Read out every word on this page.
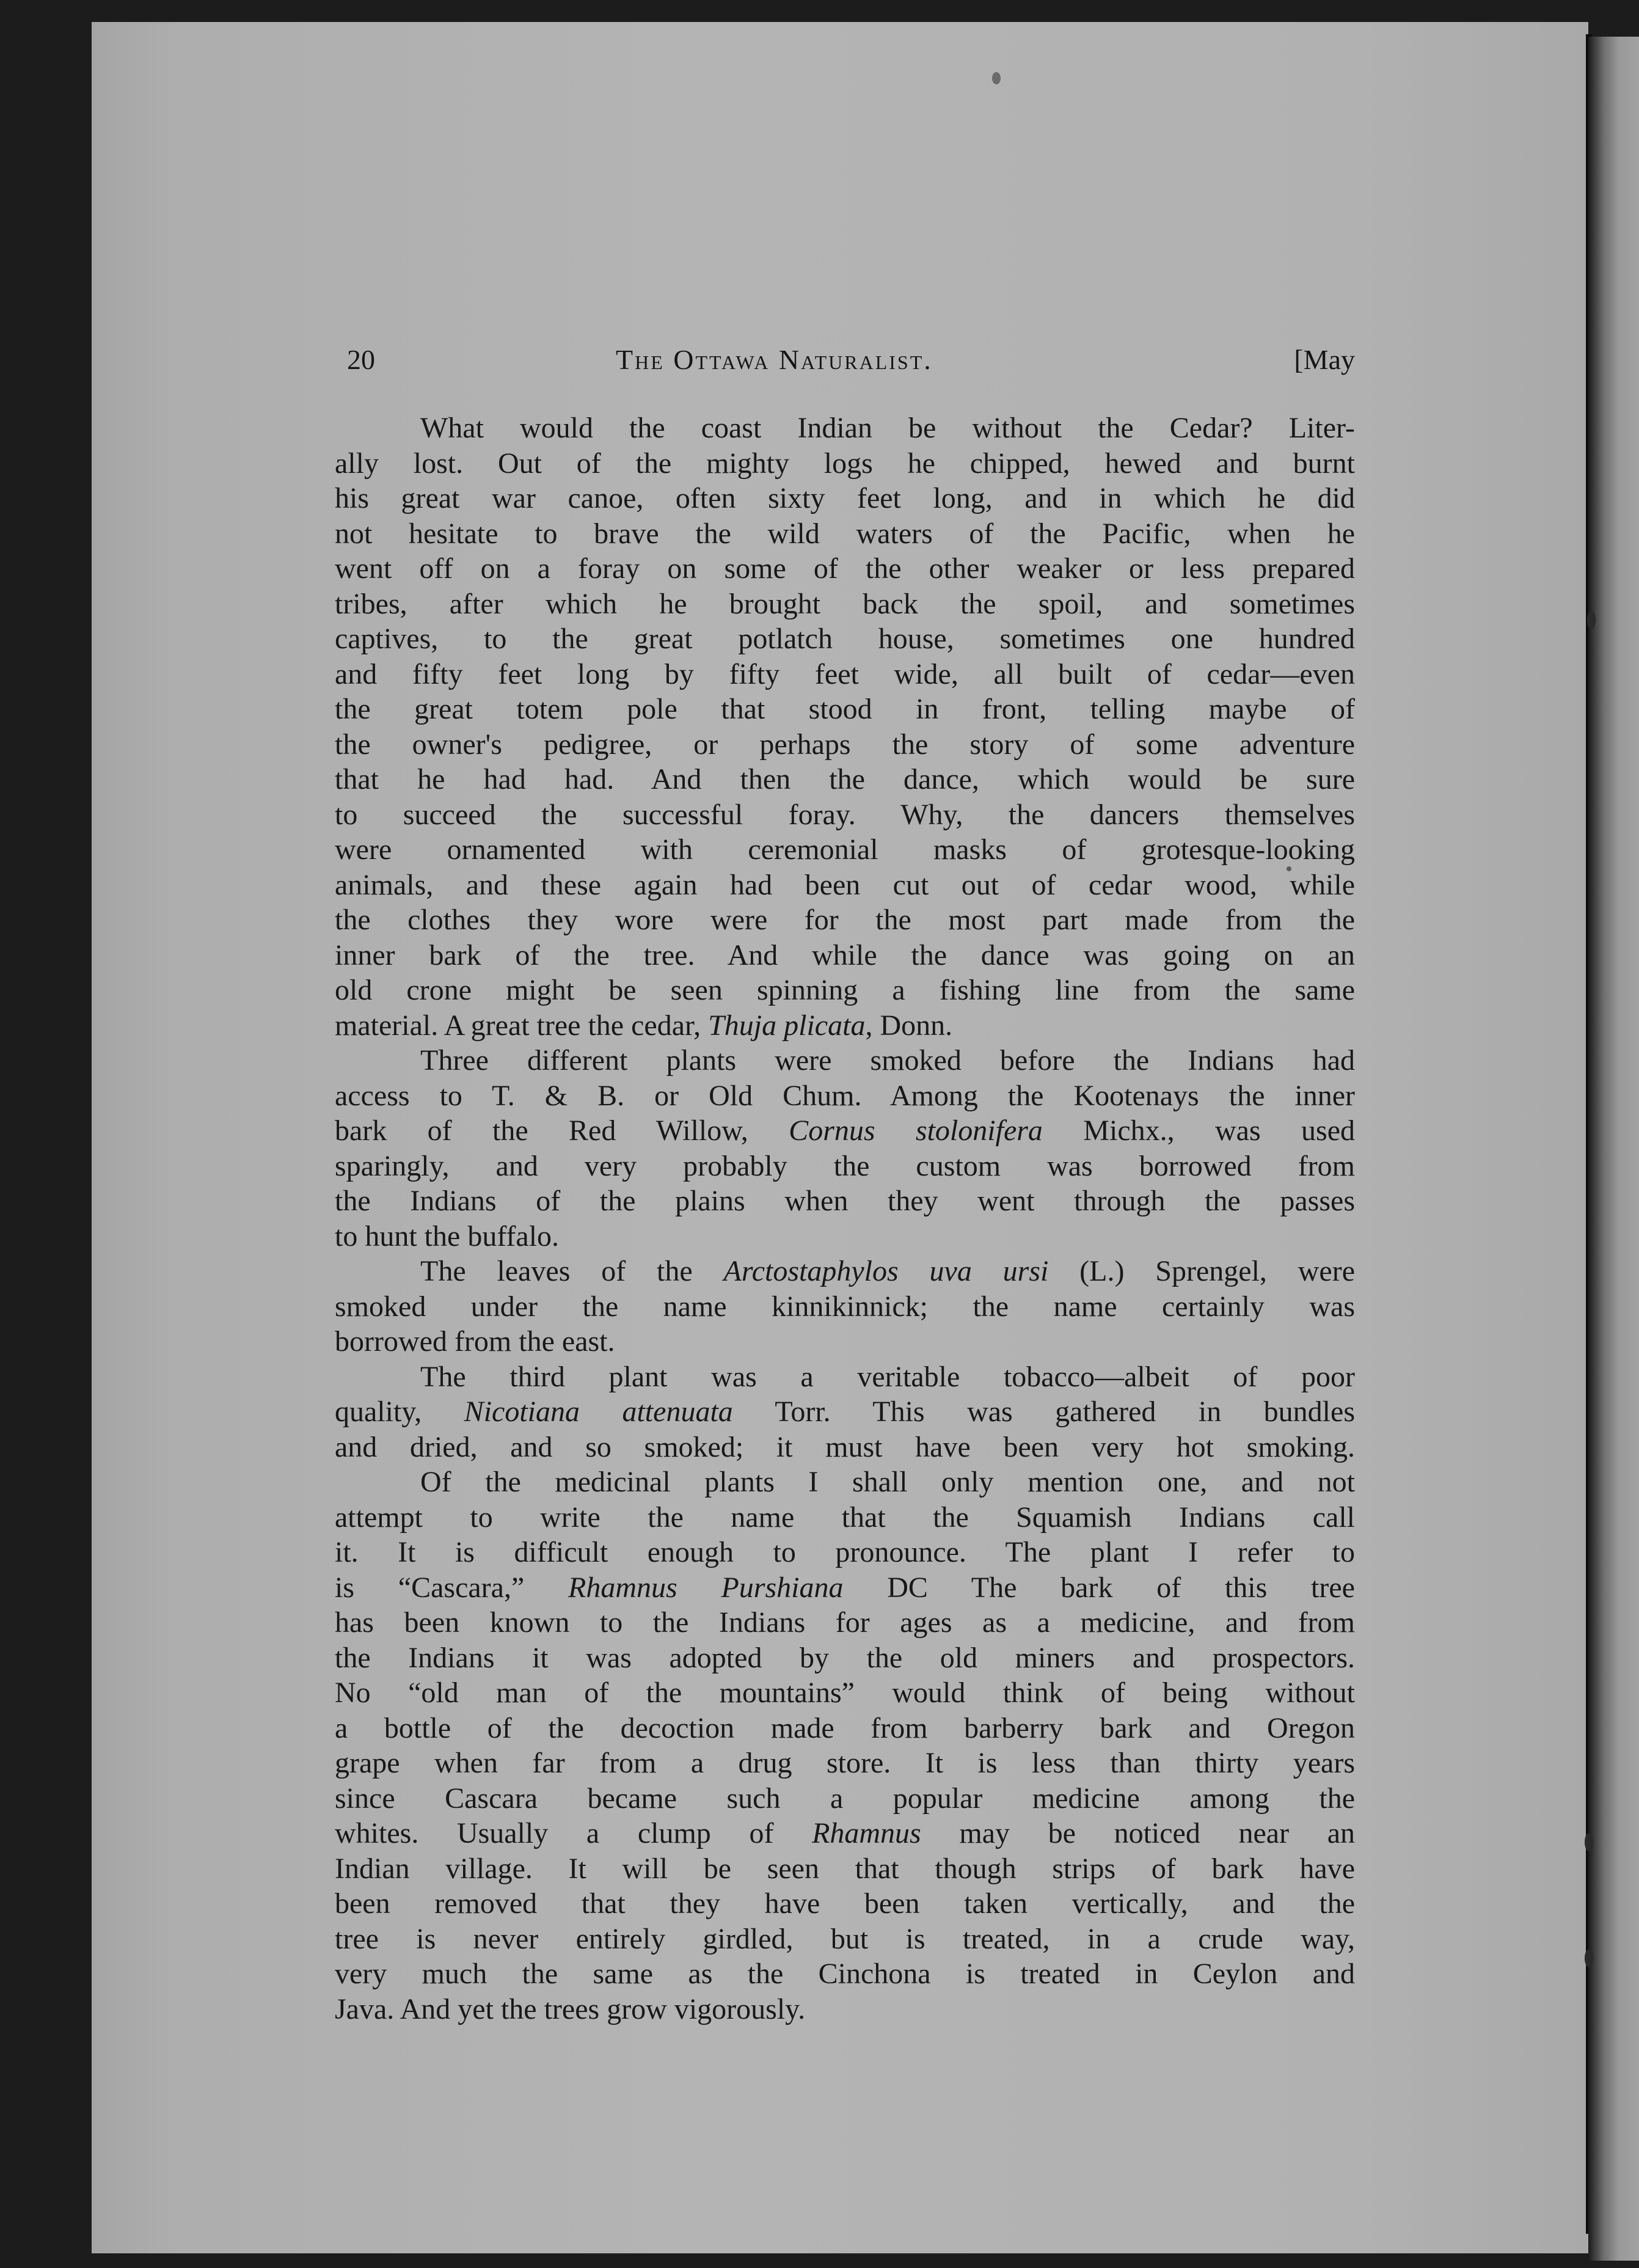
20	The Ottawa Naturalist.	[May
What would the coast Indian be without the Cedar? Liter-
ally lost. Out of the mighty logs he chipped, hewed and burnt
his great war canoe, often sixty feet long, and in which he did
not hesitate to brave the wild waters of the Pacific, when he
went off on a foray on some of the other weaker or less prepared
tribes, after which he brought back the spoil, and sometimes
captives, to the great potlatch house, sometimes one hundred
and fifty feet long by fifty feet wide, all built of cedar—even
the great totem pole that stood in front, telling maybe of
the owner's pedigree, or perhaps the story of some adventure
that he had had. And then the dance, which would be sure
to succeed the successful foray. Why, the dancers themselves
were ornamented with ceremonial masks of grotesque-looking
animals, and these again had been cut out of cedar wood, while
the clothes they wore were for the most part made from the
inner bark of the tree. And while the dance was going on an
old crone might be seen spinning a fishing line from the same
material. A great tree the cedar, Thuja plicata, Donn.
Three different plants were smoked before the Indians had
access to T. & B. or Old Chum. Among the Kootenays the inner
bark of the Red Willow, Cornus stolonifera Michx., was used
sparingly, and very probably the custom was borrowed from
the Indians of the plains when they went through the passes
to hunt the buffalo.
The leaves of the Arctostaphylos uva ursi (L.) Sprengel, were
smoked under the name kinnikinnick; the name certainly was
borrowed from the east.
The third plant was a veritable tobacco—albeit of poor
quality, Nicotiana attenuata Torr. This was gathered in bundles
and dried, and so smoked; it must have been very hot smoking.
Of the medicinal plants I shall only mention one, and not
attempt to write the name that the Squamish Indians call
it. It is difficult enough to pronounce. The plant I refer to
is “Cascara,” Rhamnus Purshiana DC The bark of this tree
has been known to the Indians for ages as a medicine, and from
the Indians it was adopted by the old miners and prospectors.
No “old man of the mountains” would think of being without
a bottle of the decoction made from barberry bark and Oregon
grape when far from a drug store. It is less than thirty years
since Cascara became such a popular medicine among the
whites. Usually a clump of Rhamnus may be noticed near an
Indian village. It will be seen that though strips of bark have
been removed that they have been taken vertically, and the
tree is never entirely girdled, but is treated, in a crude way,
very much the same as the Cinchona is treated in Ceylon and
Java. And yet the trees grow vigorously.
